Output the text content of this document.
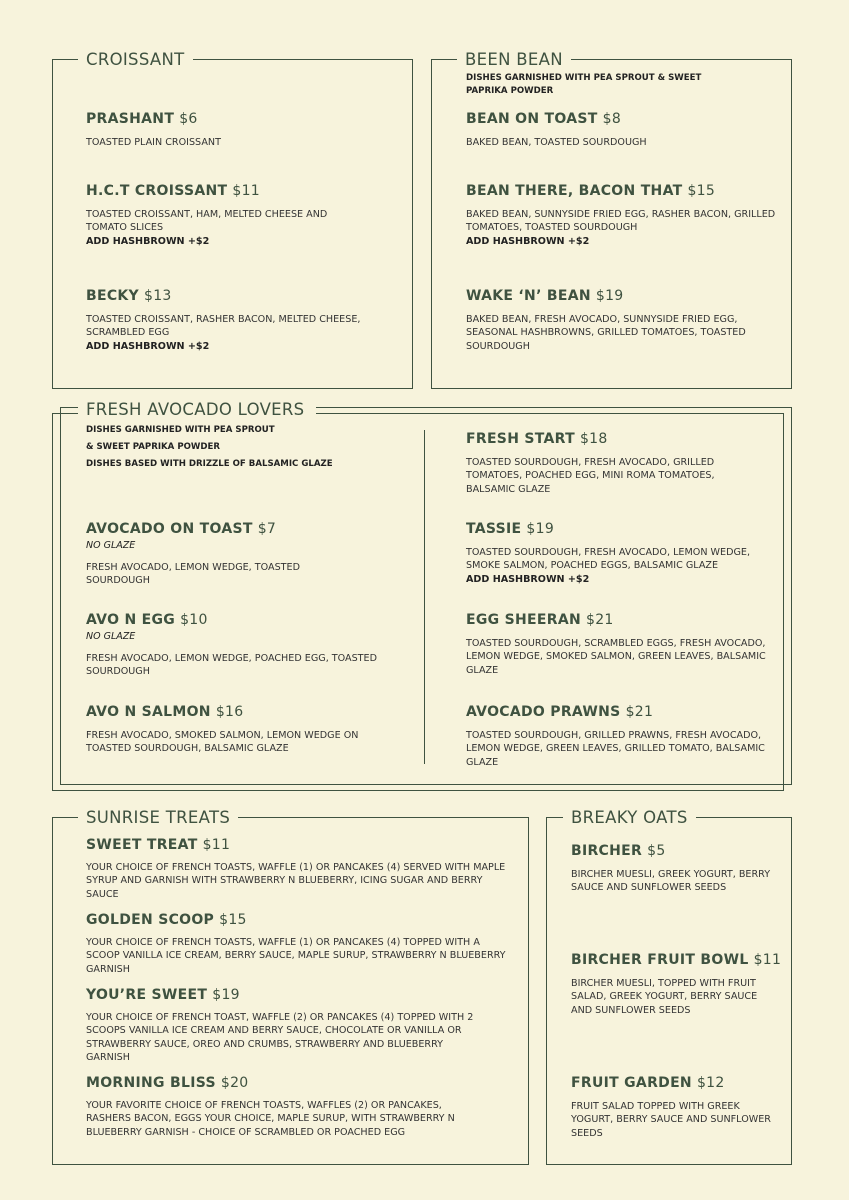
CROISSANT
PRASHANT $6
TOASTED PLAIN CROISSANT
H.C.T CROISSANT $11
TOASTED CROISSANT, HAM, MELTED CHEESE AND TOMATO SLICES
ADD HASHBROWN +$2
BECKY $13
TOASTED CROISSANT, RASHER BACON, MELTED CHEESE, SCRAMBLED EGG
ADD HASHBROWN +$2
BEEN BEAN
DISHES GARNISHED WITH PEA SPROUT & SWEET PAPRIKA POWDER
BEAN ON TOAST $8
BAKED BEAN, TOASTED SOURDOUGH
BEAN THERE, BACON THAT $15
BAKED BEAN, SUNNYSIDE FRIED EGG, RASHER BACON, GRILLED TOMATOES, TOASTED SOURDOUGH
ADD HASHBROWN +$2
WAKE ‘N’ BEAN $19
BAKED BEAN, FRESH AVOCADO, SUNNYSIDE FRIED EGG, SEASONAL HASHBROWNS, GRILLED TOMATOES, TOASTED SOURDOUGH
FRESH AVOCADO LOVERS
DISHES GARNISHED WITH PEA SPROUT
& SWEET PAPRIKA POWDER
DISHES BASED WITH DRIZZLE OF BALSAMIC GLAZE
AVOCADO ON TOAST $7
NO GLAZE
FRESH AVOCADO, LEMON WEDGE, TOASTED SOURDOUGH
AVO N EGG $10
NO GLAZE
FRESH AVOCADO, LEMON WEDGE, POACHED EGG, TOASTED SOURDOUGH
AVO N SALMON $16
FRESH AVOCADO, SMOKED SALMON, LEMON WEDGE ON TOASTED SOURDOUGH, BALSAMIC GLAZE
FRESH START $18
TOASTED SOURDOUGH, FRESH AVOCADO, GRILLED TOMATOES, POACHED EGG, MINI ROMA TOMATOES, BALSAMIC GLAZE
TASSIE $19
TOASTED SOURDOUGH, FRESH AVOCADO, LEMON WEDGE, SMOKE SALMON, POACHED EGGS, BALSAMIC GLAZE
ADD HASHBROWN +$2
EGG SHEERAN $21
TOASTED SOURDOUGH, SCRAMBLED EGGS, FRESH AVOCADO, LEMON WEDGE, SMOKED SALMON, GREEN LEAVES, BALSAMIC GLAZE
AVOCADO PRAWNS $21
TOASTED SOURDOUGH, GRILLED PRAWNS, FRESH AVOCADO, LEMON WEDGE, GREEN LEAVES, GRILLED TOMATO, BALSAMIC GLAZE
SUNRISE TREATS
SWEET TREAT $11
YOUR CHOICE OF FRENCH TOASTS, WAFFLE (1) OR PANCAKES (4) SERVED WITH MAPLE SYRUP AND GARNISH WITH STRAWBERRY N BLUEBERRY, ICING SUGAR AND BERRY SAUCE
GOLDEN SCOOP $15
YOUR CHOICE OF FRENCH TOASTS, WAFFLE (1) OR PANCAKES (4) TOPPED WITH A SCOOP VANILLA ICE CREAM, BERRY SAUCE, MAPLE SURUP, STRAWBERRY N BLUEBERRY GARNISH
YOU’RE SWEET $19
YOUR CHOICE OF FRENCH TOAST, WAFFLE (2) OR PANCAKES (4) TOPPED WITH 2 SCOOPS VANILLA ICE CREAM AND BERRY SAUCE, CHOCOLATE OR VANILLA OR STRAWBERRY SAUCE, OREO AND CRUMBS, STRAWBERRY AND BLUEBERRY GARNISH
MORNING BLISS $20
YOUR FAVORITE CHOICE OF FRENCH TOASTS, WAFFLES (2) OR PANCAKES, RASHERS BACON, EGGS YOUR CHOICE, MAPLE SURUP, WITH STRAWBERRY N BLUEBERRY GARNISH - CHOICE OF SCRAMBLED OR POACHED EGG
BREAKY OATS
BIRCHER $5
BIRCHER MUESLI, GREEK YOGURT, BERRY SAUCE AND SUNFLOWER SEEDS
BIRCHER FRUIT BOWL $11
BIRCHER MUESLI, TOPPED WITH FRUIT SALAD, GREEK YOGURT, BERRY SAUCE AND SUNFLOWER SEEDS
FRUIT GARDEN $12
FRUIT SALAD TOPPED WITH GREEK YOGURT, BERRY SAUCE AND SUNFLOWER SEEDS
